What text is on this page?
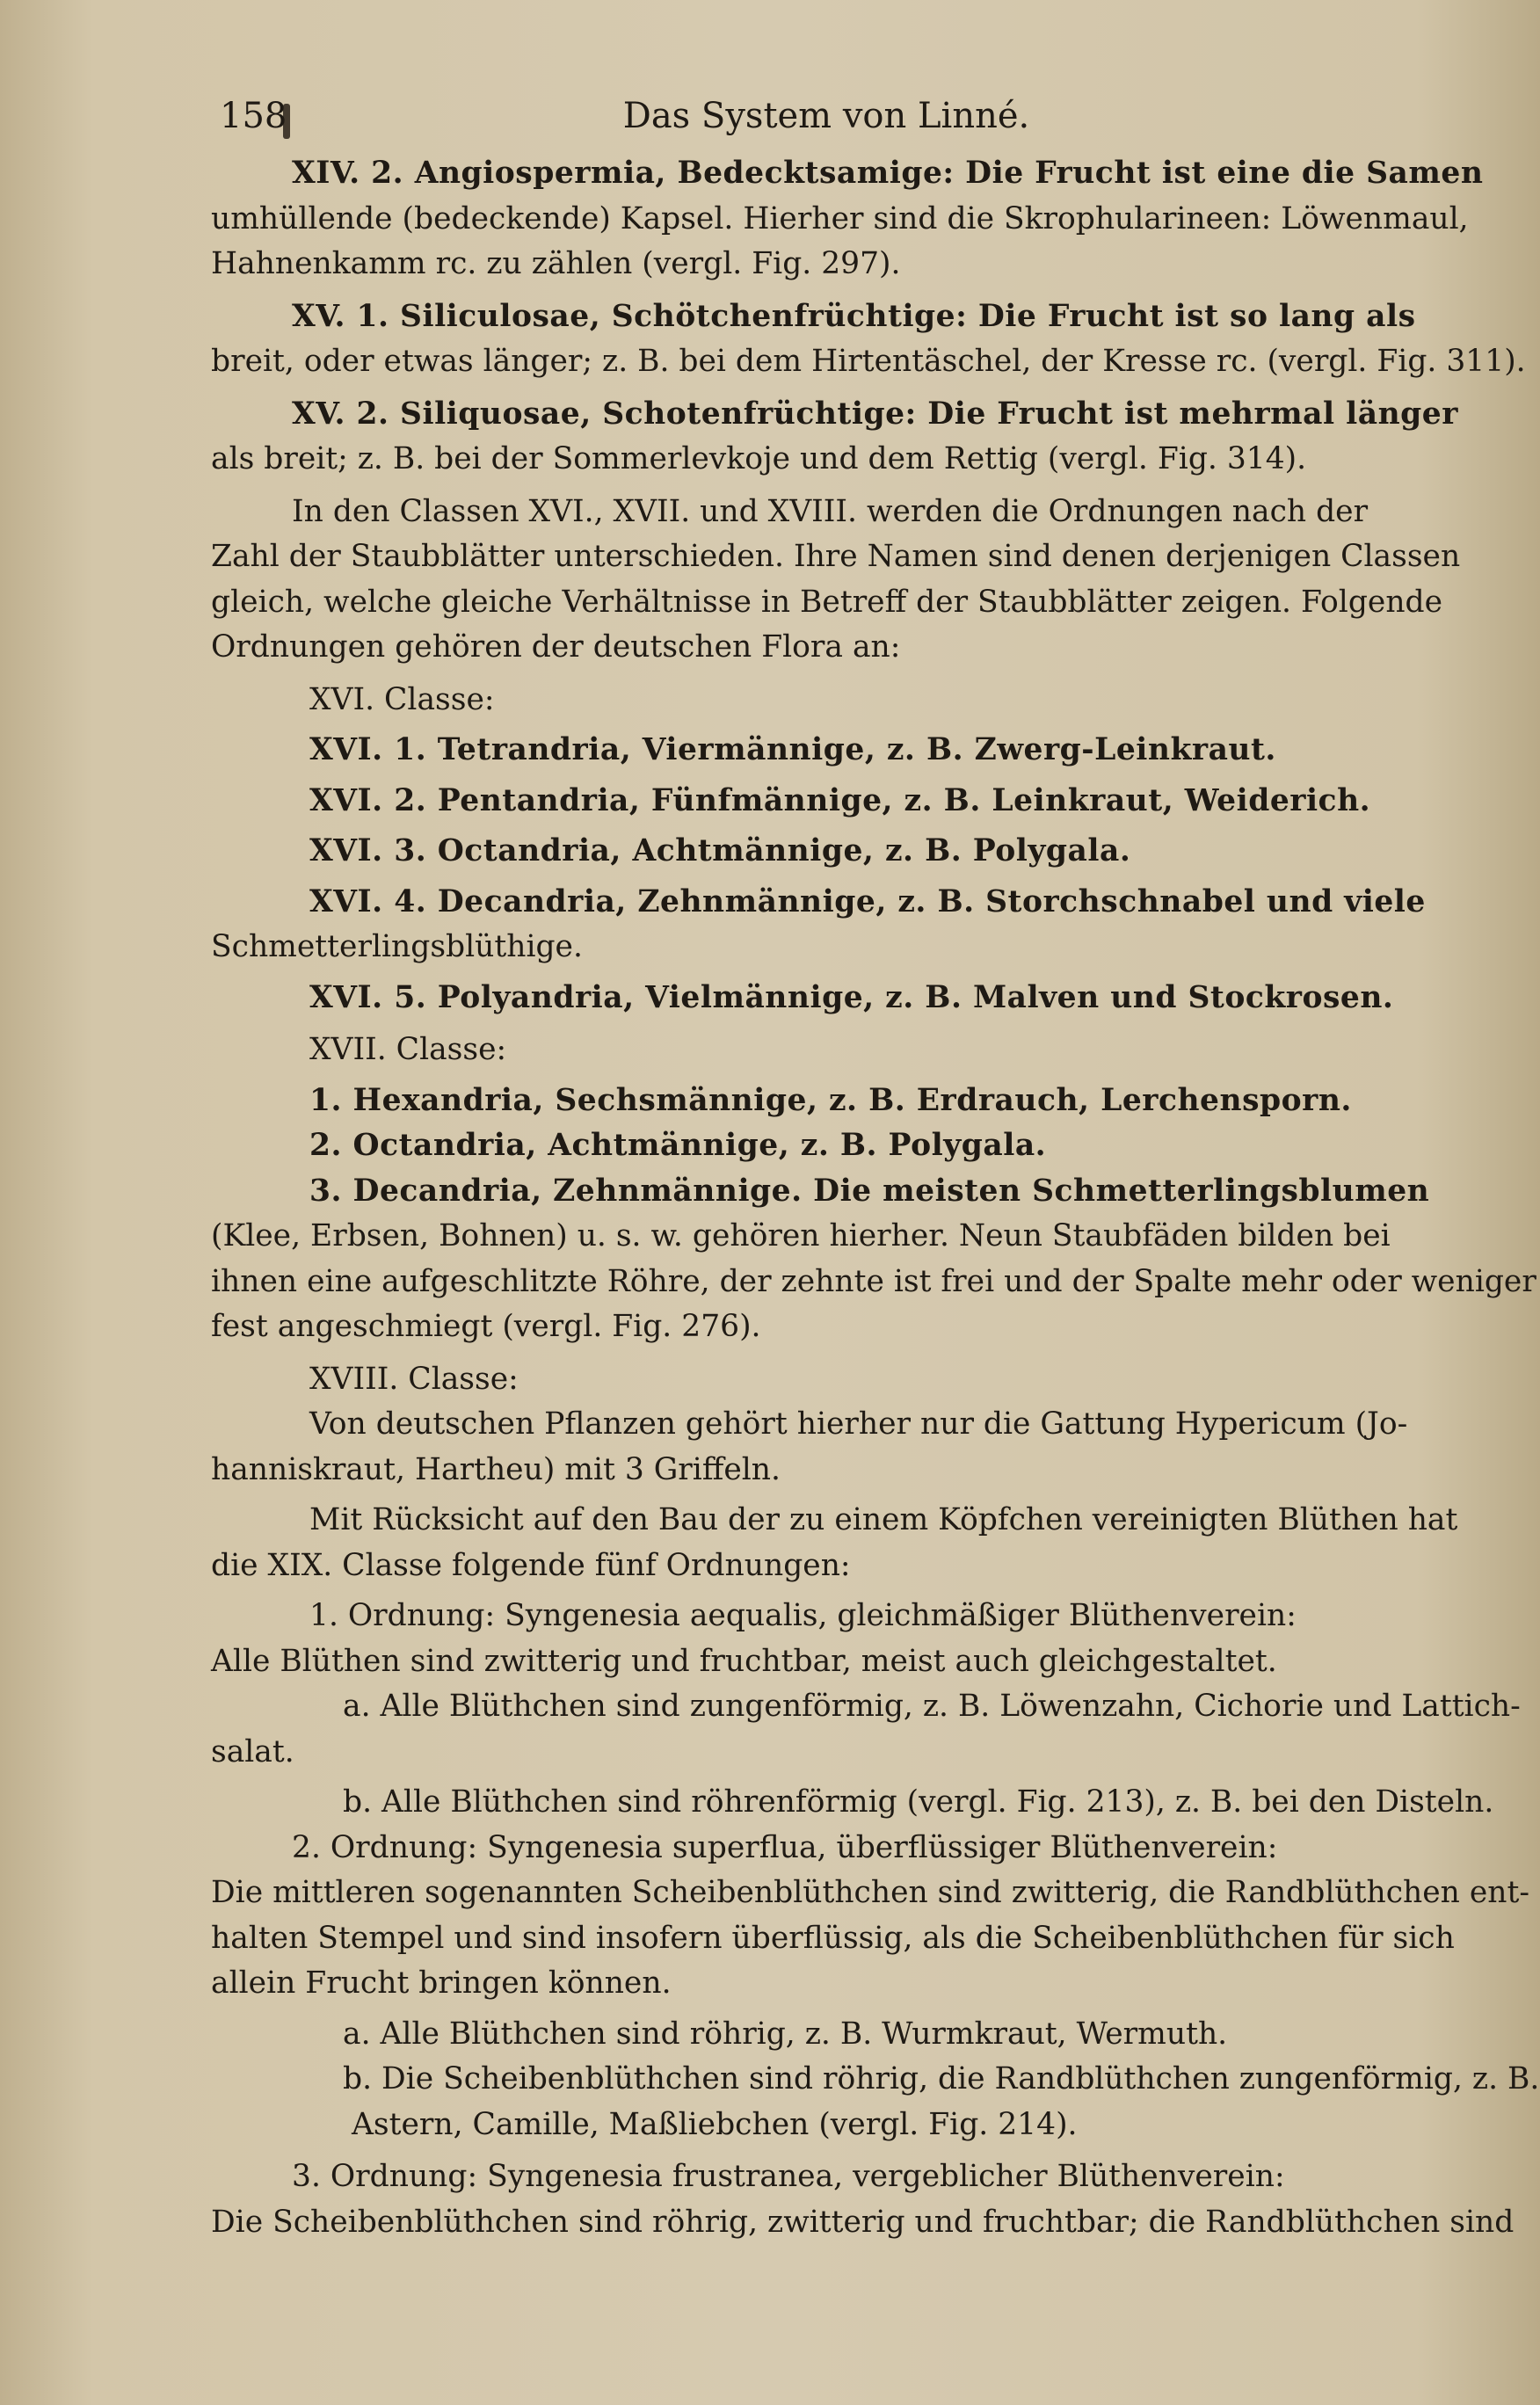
158	Das System von Linné.
XIV. 2. Angiospermia, Bedecktsamige: Die Frucht ist eine die Samen
umhüllende (bedeckende) Kapsel. Hierher sind die Skrophularineen: Löwenmaul,
Hahnenkamm rc. zu zählen (vergl. Fig. 297).
XV. 1. Siliculosae, Schötchenfrüchtige: Die Frucht ist so lang als
breit, oder etwas länger; z. B. bei dem Hirtentäschel, der Kresse rc. (vergl. Fig. 311).
XV. 2. Siliquosae, Schotenfrüchtige: Die Frucht ist mehrmal länger
als breit; z. B. bei der Sommerlevkoje und dem Rettig (vergl. Fig. 314).
In den Classen XVI., XVII. und XVIII. werden die Ordnungen nach der
Zahl der Staubblätter unterschieden. Ihre Namen sind denen derjenigen Classen
gleich, welche gleiche Verhältnisse in Betreff der Staubblätter zeigen. Folgende
Ordnungen gehören der deutschen Flora an:
XVI. Classe:
XVI. 1. Tetrandria, Viermännige, z. B. Zwerg-Leinkraut.
XVI. 2. Pentandria, Fünfmännige, z. B. Leinkraut, Weiderich.
XVI. 3. Octandria, Achtmännige, z. B. Polygala.
XVI. 4. Decandria, Zehnmännige, z. B. Storchschnabel und viele
Schmetterlingsblüthige.
XVI. 5. Polyandria, Vielmännige, z. B. Malven und Stockrosen.
XVII. Classe:
1. Hexandria, Sechsmännige, z. B. Erdrauch, Lerchensporn.
2. Octandria, Achtmännige, z. B. Polygala.
3. Decandria, Zehnmännige. Die meisten Schmetterlingsblumen
(Klee, Erbsen, Bohnen) u. s. w. gehören hierher. Neun Staubfäden bilden bei
ihnen eine aufgeschlitzte Röhre, der zehnte ist frei und der Spalte mehr oder weniger
fest angeschmiegt (vergl. Fig. 276).
XVIII. Classe:
Von deutschen Pflanzen gehört hierher nur die Gattung Hypericum (Jo-
hanniskraut, Hartheu) mit 3 Griffeln.
Mit Rücksicht auf den Bau der zu einem Köpfchen vereinigten Blüthen hat
die XIX. Classe folgende fünf Ordnungen:
1. Ordnung: Syngenesia aequalis, gleichmäßiger Blüthenverein:
Alle Blüthen sind zwitterig und fruchtbar, meist auch gleichgestaltet.
a. Alle Blüthchen sind zungenförmig, z. B. Löwenzahn, Cichorie und Lattich-
salat.
b. Alle Blüthchen sind röhrenförmig (vergl. Fig. 213), z. B. bei den Disteln.
2. Ordnung: Syngenesia superflua, überflüssiger Blüthenverein:
Die mittleren sogenannten Scheibenblüthchen sind zwitterig, die Randblüthchen ent-
halten Stempel und sind insofern überflüssig, als die Scheibenblüthchen für sich
allein Frucht bringen können.
a. Alle Blüthchen sind röhrig, z. B. Wurmkraut, Wermuth.
b. Die Scheibenblüthchen sind röhrig, die Randblüthchen zungenförmig, z. B.
Astern, Camille, Maßliebchen (vergl. Fig. 214).
3. Ordnung: Syngenesia frustranea, vergeblicher Blüthenverein:
Die Scheibenblüthchen sind röhrig, zwitterig und fruchtbar; die Randblüthchen sind
